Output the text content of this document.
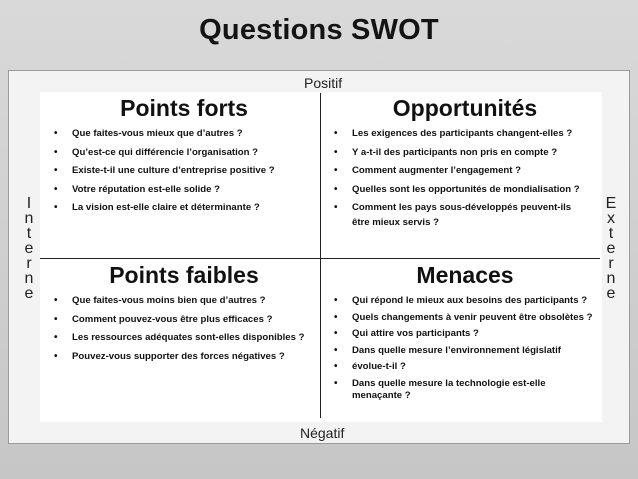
Questions SWOT
Positif
Négatif
I
n
t
e
r
n
e
E
x
t
e
r
n
e
Points forts
• Que faites-vous mieux que d’autres ?
• Qu’est-ce qui différencie l’organisation ?
• Existe-t-il une culture d’entreprise positive ?
• Votre réputation est-elle solide ?
• La vision est-elle claire et déterminante ?
Opportunités
• Les exigences des participants changent-elles ?
• Y a-t-il des participants non pris en compte ?
• Comment augmenter l’engagement ?
• Quelles sont les opportunités de mondialisation ?
• Comment les pays sous-développés peuvent-ils
être mieux servis ?
Points faibles
• Que faites-vous moins bien que d’autres ?
• Comment pouvez-vous être plus efficaces ?
• Les ressources adéquates sont-elles disponibles ?
• Pouvez-vous supporter des forces négatives ?
Menaces
• Qui répond le mieux aux besoins des participants ?
• Quels changements à venir peuvent être obsolètes ?
• Qui attire vos participants ?
• Dans quelle mesure l’environnement législatif
• évolue-t-il ?
• Dans quelle mesure la technologie est-elle
menaçante ?
